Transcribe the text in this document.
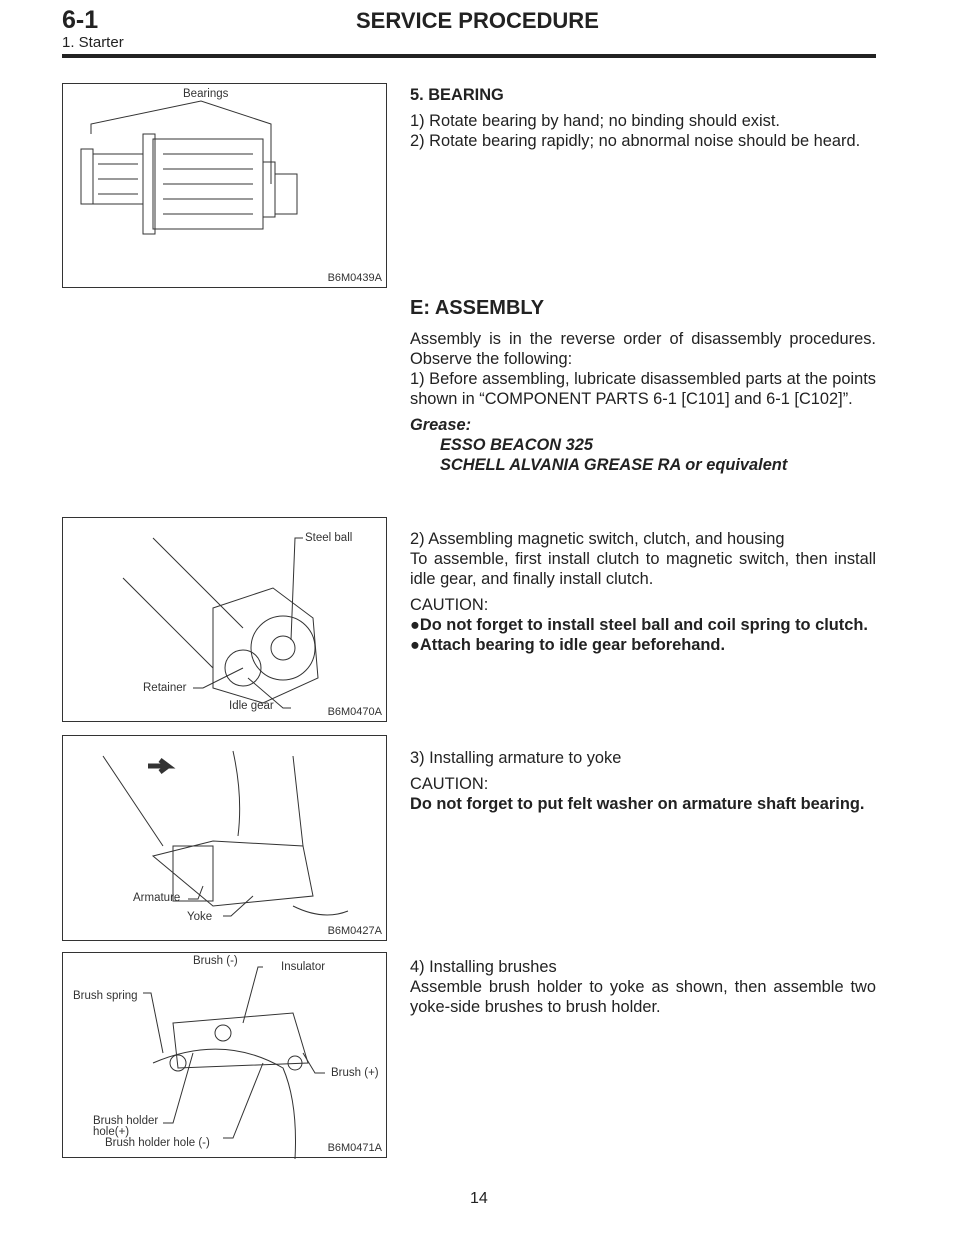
6-1
1. Starter
SERVICE PROCEDURE
Bearings
B6M0439A

5. BEARING

1) Rotate bearing by hand; no binding should exist.

2) Rotate bearing rapidly; no abnormal noise should be heard.

E: ASSEMBLY

Assembly is in the reverse order of disassembly procedures. Observe the following:

1) Before assembling, lubricate disassembled parts at the points shown in “COMPONENT PARTS 6-1 [C101] and 6-1 [C102]”.

Grease:

ESSO BEACON 325

SCHELL ALVANIA GREASE RA or equivalent

Steel ball
Retainer
Idle gear	B6M0470A

2) Assembling magnetic switch, clutch, and housing

To assemble, first install clutch to magnetic switch, then install idle gear, and finally install clutch.

CAUTION:

●Do not forget to install steel ball and coil spring to clutch.

●Attach bearing to idle gear beforehand.

Armature
Yoke
B6M0427A

3) Installing armature to yoke

CAUTION:

Do not forget to put felt washer on armature shaft bearing.

Brush (-)	Insulator
Brush spring
Brush (+)
Brush holder
hole(+)
Brush holder hole (-)	B6M0471A

4) Installing brushes

Assemble brush holder to yoke as shown, then assemble two yoke-side brushes to brush holder.

14
